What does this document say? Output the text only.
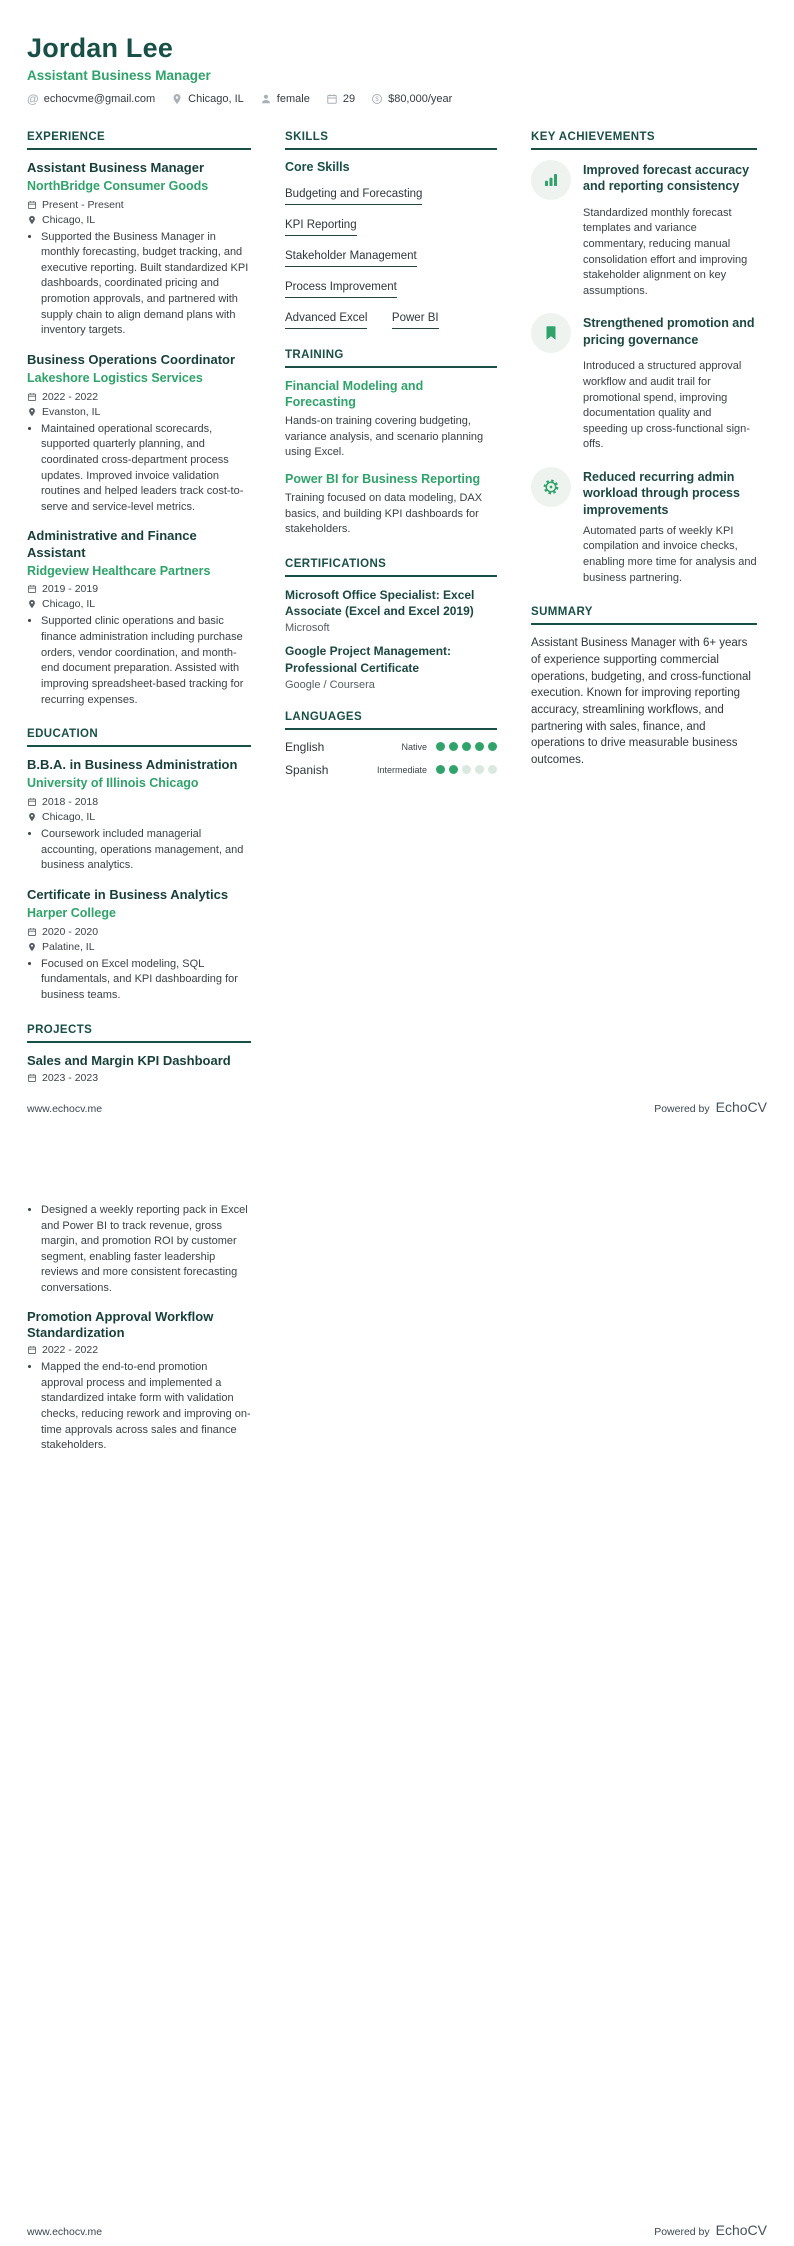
Jordan Lee
Assistant Business Manager
@ echocvme@gmail.com	Chicago, IL	female	29	$80,000/year
EXPERIENCE
Assistant Business Manager
NorthBridge Consumer Goods
Present - Present
Chicago, IL
• Supported the Business Manager in monthly forecasting, budget tracking, and executive reporting. Built standardized KPI dashboards, coordinated pricing and promotion approvals, and partnered with supply chain to align demand plans with inventory targets.
Business Operations Coordinator
Lakeshore Logistics Services
2022 - 2022
Evanston, IL
• Maintained operational scorecards, supported quarterly planning, and coordinated cross-department process updates. Improved invoice validation routines and helped leaders track cost-to-serve and service-level metrics.
Administrative and Finance Assistant
Ridgeview Healthcare Partners
2019 - 2019
Chicago, IL
• Supported clinic operations and basic finance administration including purchase orders, vendor coordination, and month-end document preparation. Assisted with improving spreadsheet-based tracking for recurring expenses.
EDUCATION
B.B.A. in Business Administration
University of Illinois Chicago
2018 - 2018
Chicago, IL
• Coursework included managerial accounting, operations management, and business analytics.
Certificate in Business Analytics
Harper College
2020 - 2020
Palatine, IL
• Focused on Excel modeling, SQL fundamentals, and KPI dashboarding for business teams.
PROJECTS
Sales and Margin KPI Dashboard
2023 - 2023
SKILLS
Core Skills
Budgeting and Forecasting
KPI Reporting
Stakeholder Management
Process Improvement
Advanced Excel Power BI
TRAINING
Financial Modeling and Forecasting
Hands-on training covering budgeting, variance analysis, and scenario planning using Excel.
Power BI for Business Reporting
Training focused on data modeling, DAX basics, and building KPI dashboards for stakeholders.
CERTIFICATIONS
Microsoft Office Specialist: Excel Associate (Excel and Excel 2019)
Microsoft
Google Project Management: Professional Certificate
Google / Coursera
LANGUAGES
English	Native
Spanish	Intermediate
KEY ACHIEVEMENTS
Improved forecast accuracy and reporting consistency
Standardized monthly forecast templates and variance commentary, reducing manual consolidation effort and improving stakeholder alignment on key assumptions.
Strengthened promotion and pricing governance
Introduced a structured approval workflow and audit trail for promotional spend, improving documentation quality and speeding up cross-functional sign-offs.
Reduced recurring admin workload through process improvements
Automated parts of weekly KPI compilation and invoice checks, enabling more time for analysis and business partnering.
SUMMARY
Assistant Business Manager with 6+ years of experience supporting commercial operations, budgeting, and cross-functional execution. Known for improving reporting accuracy, streamlining workflows, and partnering with sales, finance, and operations to drive measurable business outcomes.
www.echocv.me	Powered by EchoCV
• Designed a weekly reporting pack in Excel and Power BI to track revenue, gross margin, and promotion ROI by customer segment, enabling faster leadership reviews and more consistent forecasting conversations.
Promotion Approval Workflow Standardization
2022 - 2022
• Mapped the end-to-end promotion approval process and implemented a standardized intake form with validation checks, reducing rework and improving on-time approvals across sales and finance stakeholders.
www.echocv.me	Powered by EchoCV
